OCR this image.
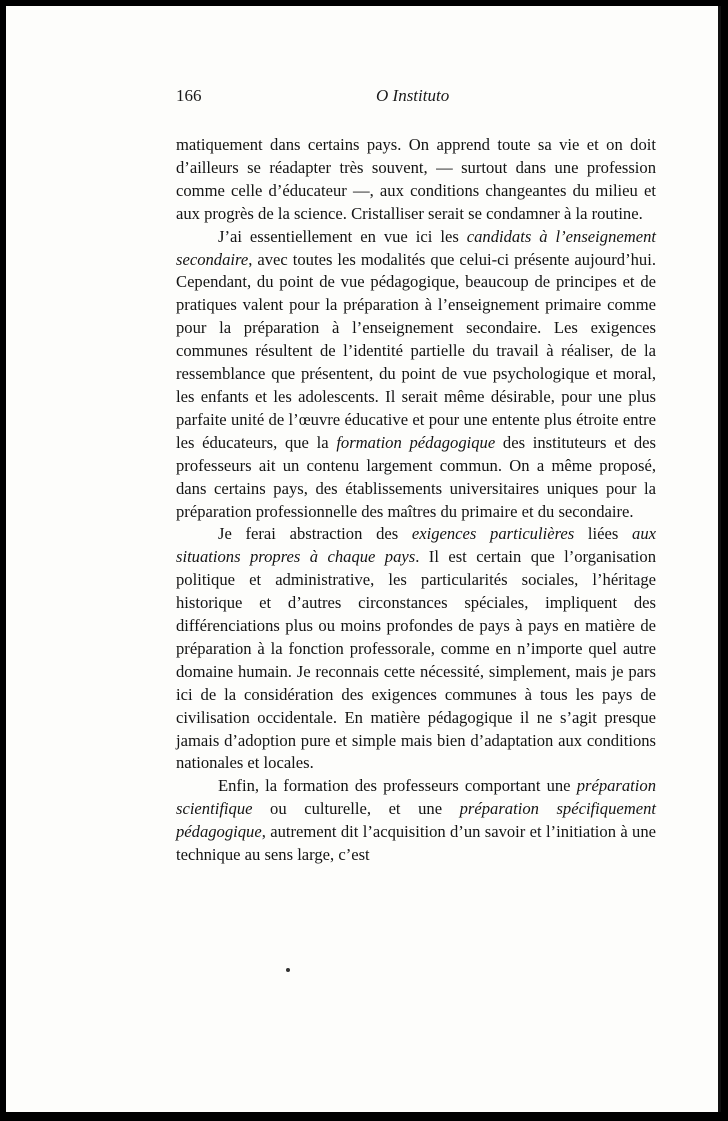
166	O Instituto

matiquement dans certains pays. On apprend toute sa vie et on doit d’ailleurs se réadapter très souvent, — surtout dans une profession comme celle d’éducateur —, aux conditions changeantes du milieu et aux progrès de la science. Cristalliser serait se condamner à la routine.

J’ai essentiellement en vue ici les candidats à l’enseignement secondaire, avec toutes les modalités que celui-ci présente aujourd’hui. Cependant, du point de vue pédagogique, beaucoup de principes et de pratiques valent pour la préparation à l’enseignement primaire comme pour la préparation à l’enseignement secondaire. Les exigences communes résultent de l’identité partielle du travail à réaliser, de la ressemblance que présentent, du point de vue psychologique et moral, les enfants et les adolescents. Il serait même désirable, pour une plus parfaite unité de l’œuvre éducative et pour une entente plus étroite entre les éducateurs, que la formation pédagogique des instituteurs et des professeurs ait un contenu largement commun. On a même proposé, dans certains pays, des établissements universitaires uniques pour la préparation professionnelle des maîtres du primaire et du secondaire.

Je ferai abstraction des exigences particulières liées aux situations propres à chaque pays. Il est certain que l’organisation politique et administrative, les particularités sociales, l’héritage historique et d’autres circonstances spéciales, impliquent des différenciations plus ou moins profondes de pays à pays en matière de préparation à la fonction professorale, comme en n’importe quel autre domaine humain. Je reconnais cette nécessité, simplement, mais je pars ici de la considération des exigences communes à tous les pays de civilisation occidentale. En matière pédagogique il ne s’agit presque jamais d’adoption pure et simple mais bien d’adaptation aux conditions nationales et locales.

Enfin, la formation des professeurs comportant une préparation scientifique ou culturelle, et une préparation spécifiquement pédagogique, autrement dit l’acquisition d’un savoir et l’initiation à une technique au sens large, c’est
